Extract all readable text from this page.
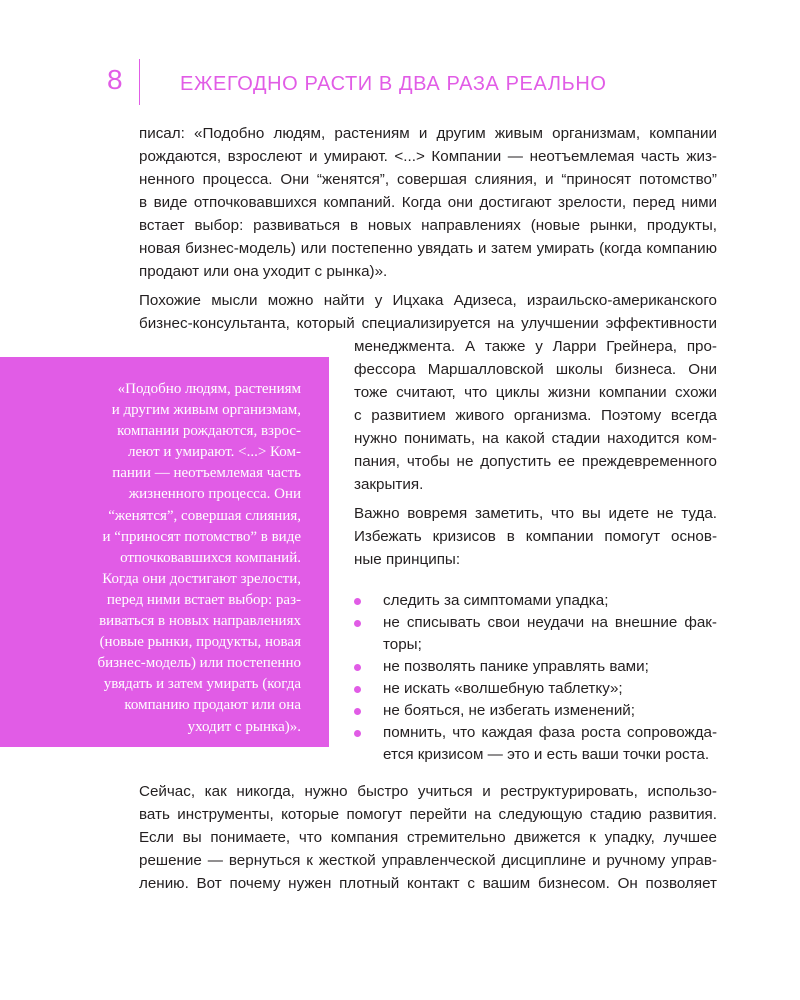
8	ЕЖЕГОДНО РАСТИ В ДВА РАЗА РЕАЛЬНО
писал: «Подобно людям, растениям и другим живым организмам, компании
рождаются, взрослеют и умирают. <...> Компании — неотъемлемая часть жиз-
ненного процесса. Они “женятся”, совершая слияния, и “приносят потомство”
в виде отпочковавшихся компаний. Когда они достигают зрелости, перед ними
встает выбор: развиваться в новых направлениях (новые рынки, продукты,
новая бизнес-модель) или постепенно увядать и затем умирать (когда компанию
продают или она уходит с рынка)».
Похожие мысли можно найти у Ицхака Адизеса, израильско-американского
бизнес-консультанта, который специализируется на улучшении эффективности
менеджмента. А также у Ларри Грейнера, про-
фессора Маршалловской школы бизнеса. Они
тоже считают, что циклы жизни компании схожи
с развитием живого организма. Поэтому всегда
нужно понимать, на какой стадии находится ком-
пания, чтобы не допустить ее преждевременного
закрытия.
Важно вовремя заметить, что вы идете не туда.
Избежать кризисов в компании помогут основ-
ные принципы:
следить за симптомами упадка;
не списывать свои неудачи на внешние фак-
торы;
не позволять панике управлять вами;
не искать «волшебную таблетку»;
не бояться, не избегать изменений;
помнить, что каждая фаза роста сопровожда-
ется кризисом — это и есть ваши точки роста.
«Подобно людям, растениям
и другим живым организмам,
компании рождаются, взрос-
леют и умирают. <...> Ком-
пании — неотъемлемая часть
жизненного процесса. Они
“женятся”, совершая слияния,
и “приносят потомство” в виде
отпочковавшихся компаний.
Когда они достигают зрелости,
перед ними встает выбор: раз-
виваться в новых направлениях
(новые рынки, продукты, новая
бизнес-модель) или постепенно
увядать и затем умирать (когда
компанию продают или она
уходит с рынка)».
Сейчас, как никогда, нужно быстро учиться и реструктурировать, использо-
вать инструменты, которые помогут перейти на следующую стадию развития.
Если вы понимаете, что компания стремительно движется к упадку, лучшее
решение — вернуться к жесткой управленческой дисциплине и ручному управ-
лению. Вот почему нужен плотный контакт с вашим бизнесом. Он позволяет
